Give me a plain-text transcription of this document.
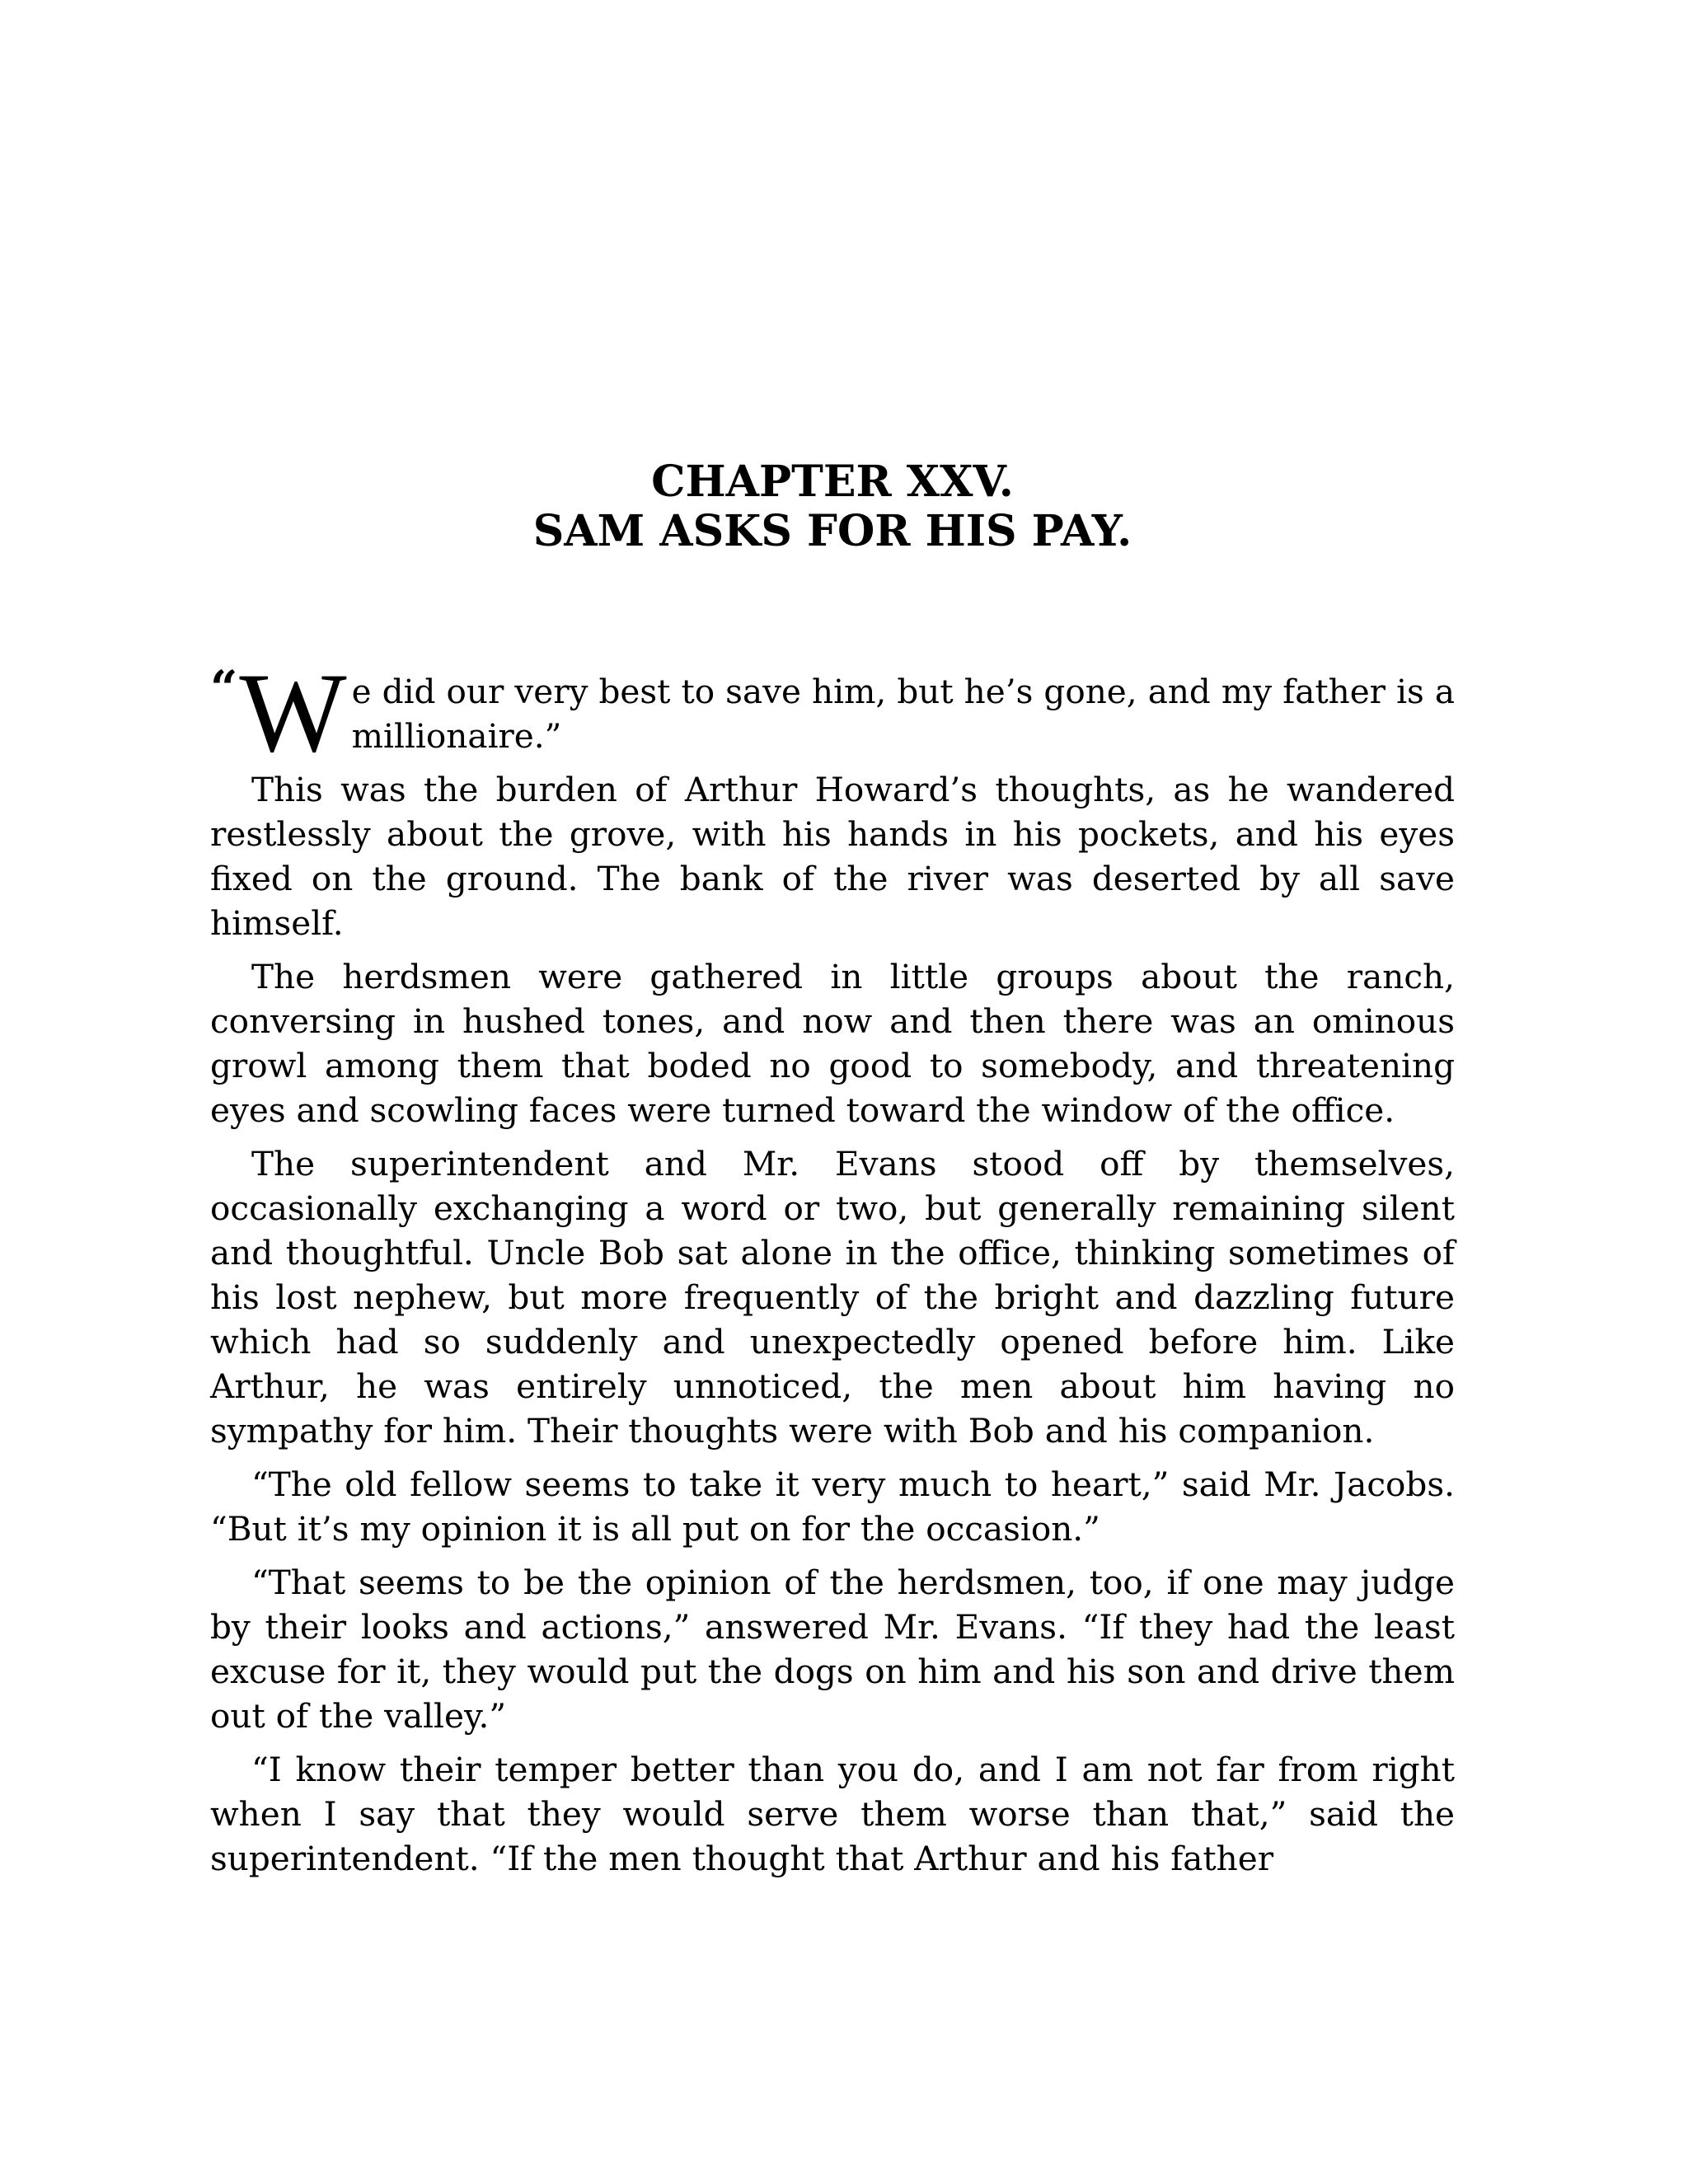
CHAPTER XXV.
SAM ASKS FOR HIS PAY.

“ W e did our very best to save him, but he’s gone, and my father is a millionaire.”

This was the burden of Arthur Howard’s thoughts, as he wandered restlessly about the grove, with his hands in his pockets, and his eyes fixed on the ground. The bank of the river was deserted by all save himself.

The herdsmen were gathered in little groups about the ranch, conversing in hushed tones, and now and then there was an ominous growl among them that boded no good to somebody, and threatening eyes and scowling faces were turned toward the window of the office.

The superintendent and Mr. Evans stood off by themselves, occasionally exchanging a word or two, but generally remaining silent and thoughtful. Uncle Bob sat alone in the office, thinking sometimes of his lost nephew, but more frequently of the bright and dazzling future which had so suddenly and unexpectedly opened before him. Like Arthur, he was entirely unnoticed, the men about him having no sympathy for him. Their thoughts were with Bob and his companion.

“The old fellow seems to take it very much to heart,” said Mr. Jacobs. “But it’s my opinion it is all put on for the occasion.”

“That seems to be the opinion of the herdsmen, too, if one may judge by their looks and actions,” answered Mr. Evans. “If they had the least excuse for it, they would put the dogs on him and his son and drive them out of the valley.”

“I know their temper better than you do, and I am not far from right when I say that they would serve them worse than that,” said the superintendent. “If the men thought that Arthur and his father
